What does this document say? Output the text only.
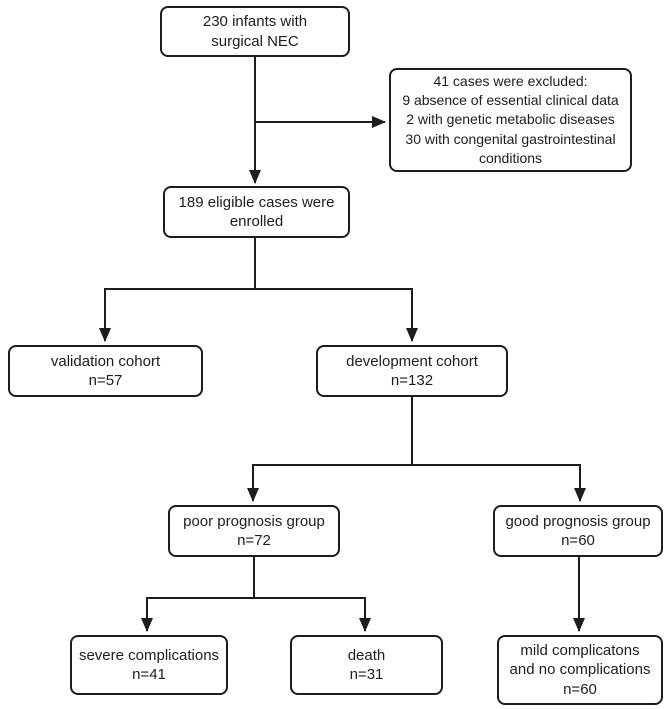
230 infants with
surgical NEC
41 cases were excluded:
9 absence of essential clinical data
2 with genetic metabolic diseases
30 with congenital gastrointestinal
conditions
189 eligible cases were
enrolled
validation cohort
n=57
development cohort
n=132
poor prognosis group
n=72
good prognosis group
n=60
severe complications
n=41
death
n=31
mild complicatons
and no complications
n=60
